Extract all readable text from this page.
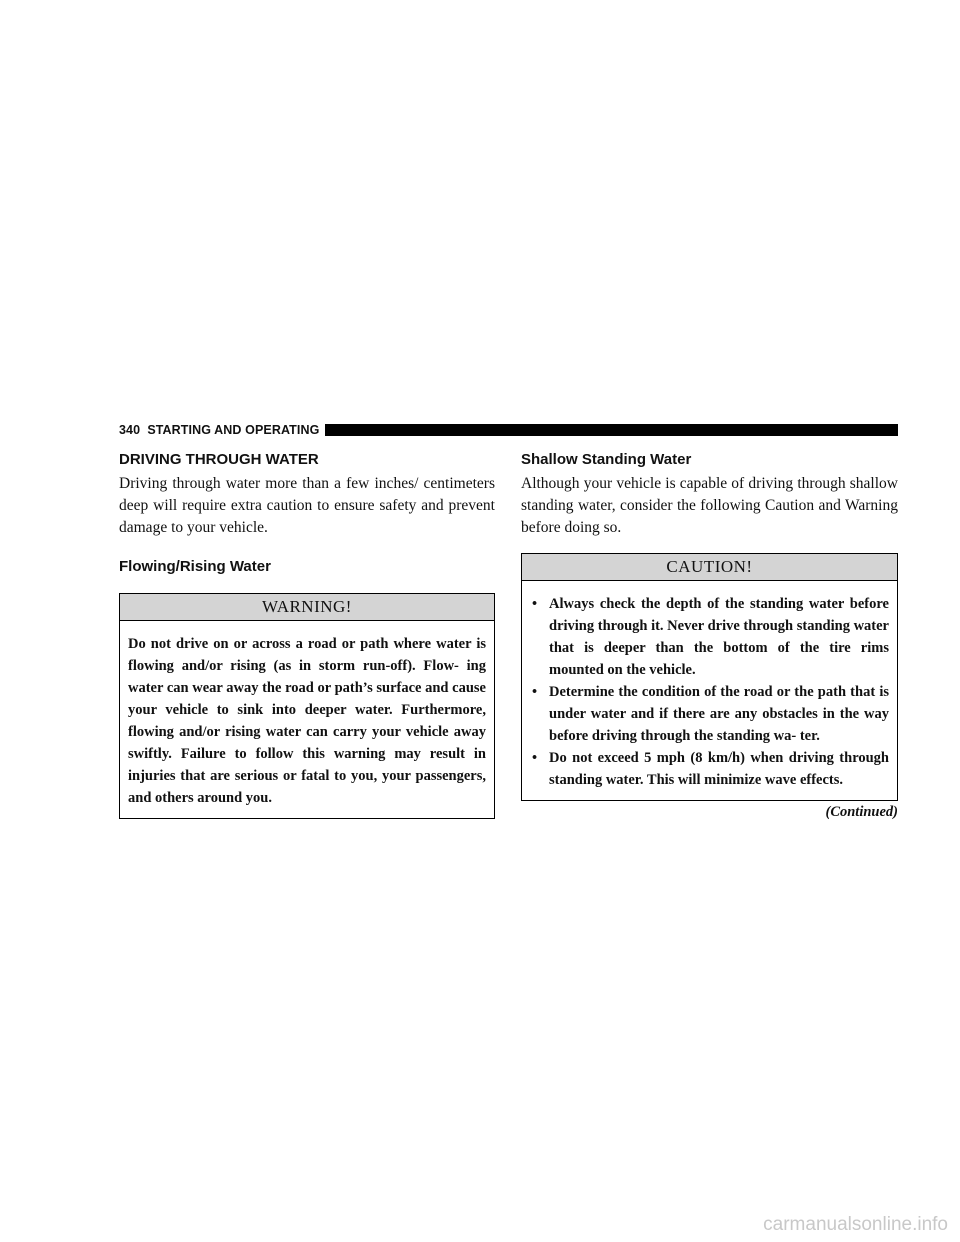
340 STARTING AND OPERATING
DRIVING THROUGH WATER

Driving through water more than a few inches/ centimeters deep will require extra caution to ensure safety and prevent damage to your vehicle.

Flowing/Rising Water
WARNING!
Do not drive on or across a road or path where water is flowing and/or rising (as in storm run-off). Flow- ing water can wear away the road or path’s surface and cause your vehicle to sink into deeper water. Furthermore, flowing and/or rising water can carry your vehicle away swiftly. Failure to follow this warning may result in injuries that are serious or fatal to you, your passengers, and others around you.
Shallow Standing Water

Although your vehicle is capable of driving through shallow standing water, consider the following Caution and Warning before doing so.

CAUTION!
• Always check the depth of the standing water before driving through it. Never drive through standing water that is deeper than the bottom of the tire rims mounted on the vehicle.
• Determine the condition of the road or the path that is under water and if there are any obstacles in the way before driving through the standing wa- ter.
• Do not exceed 5 mph (8 km/h) when driving through standing water. This will minimize wave effects.
(Continued)
carmanualsonline.info
